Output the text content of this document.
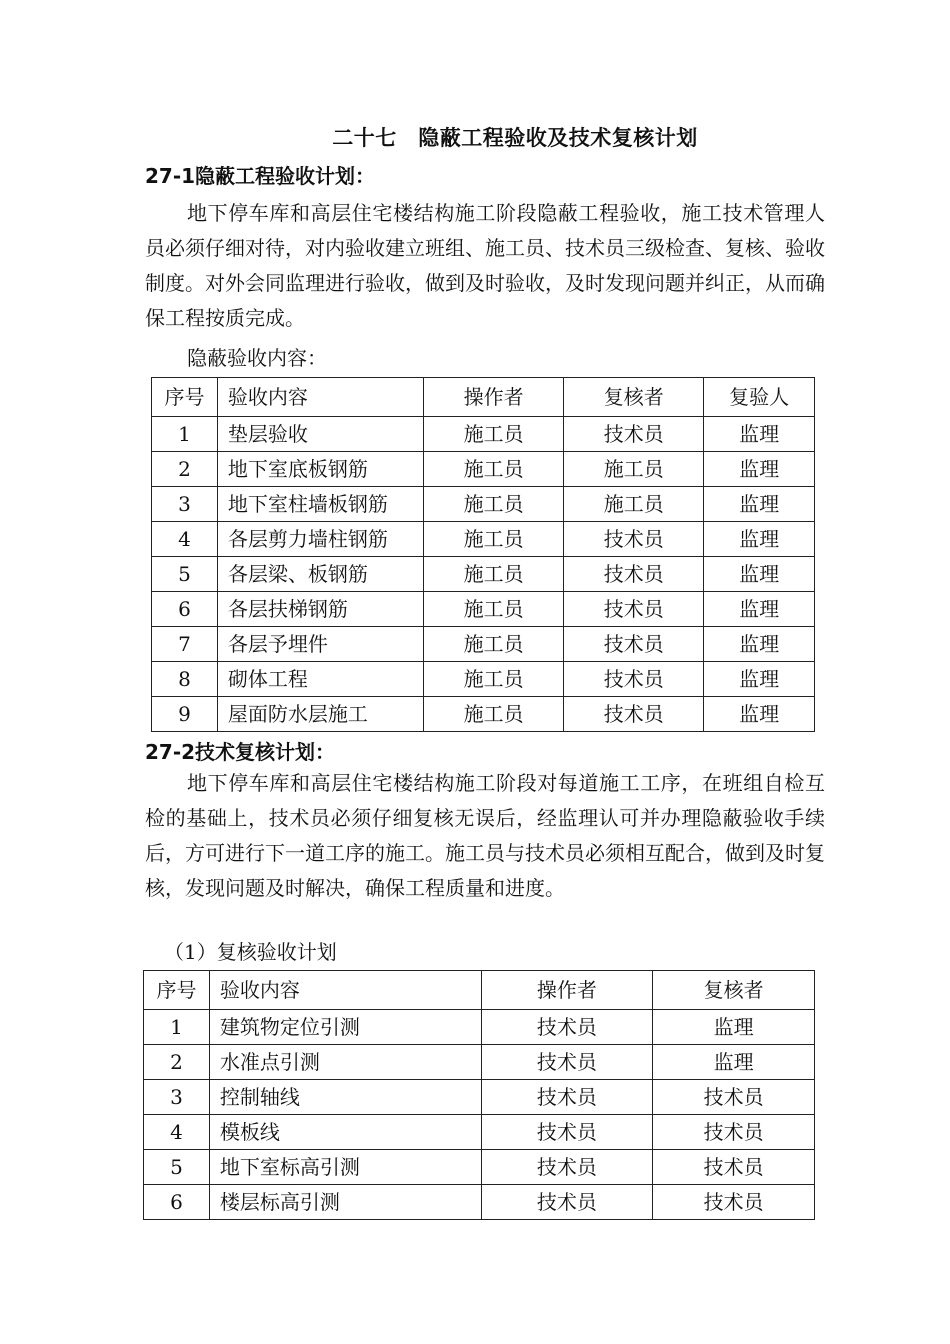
二十七　隐蔽工程验收及技术复核计划
27-1隐蔽工程验收计划：
地下停车库和高层住宅楼结构施工阶段隐蔽工程验收，施工技术管理人员必须仔细对待，对内验收建立班组、施工员、技术员三级检查、复核、验收制度。对外会同监理进行验收，做到及时验收，及时发现问题并纠正，从而确保工程按质完成。
隐蔽验收内容：
序号	验收内容	操作者	复核者	复验人
1	垫层验收	施工员	技术员	监理
2	地下室底板钢筋	施工员	施工员	监理
3	地下室柱墙板钢筋	施工员	施工员	监理
4	各层剪力墙柱钢筋	施工员	技术员	监理
5	各层梁、板钢筋	施工员	技术员	监理
6	各层扶梯钢筋	施工员	技术员	监理
7	各层予埋件	施工员	技术员	监理
8	砌体工程	施工员	技术员	监理
9	屋面防水层施工	施工员	技术员	监理
27-2技术复核计划：
地下停车库和高层住宅楼结构施工阶段对每道施工工序，在班组自检互检的基础上，技术员必须仔细复核无误后，经监理认可并办理隐蔽验收手续后，方可进行下一道工序的施工。施工员与技术员必须相互配合，做到及时复核，发现问题及时解决，确保工程质量和进度。
（1）复核验收计划
序号	验收内容	操作者	复核者
1	建筑物定位引测	技术员	监理
2	水准点引测	技术员	监理
3	控制轴线	技术员	技术员
4	模板线	技术员	技术员
5	地下室标高引测	技术员	技术员
6	楼层标高引测	技术员	技术员
